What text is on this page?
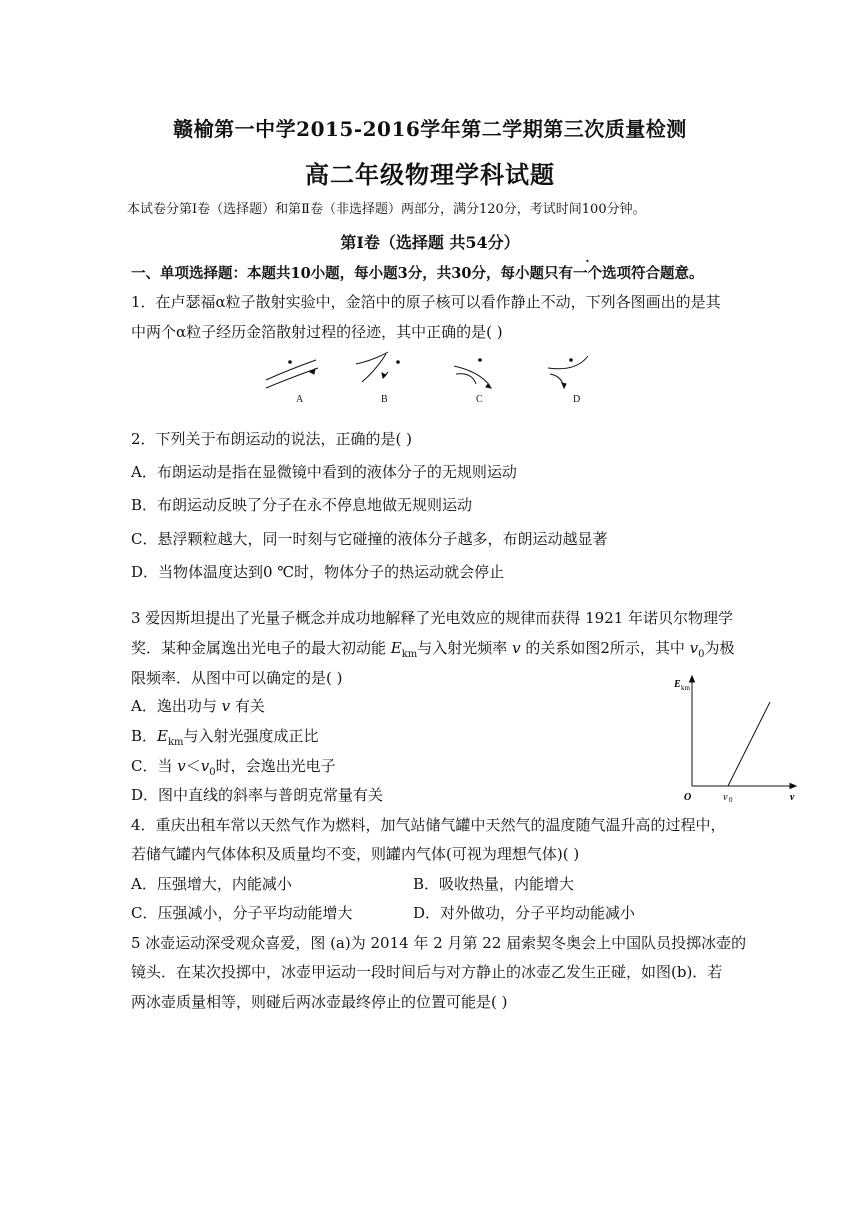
赣榆第一中学2015-2016学年第二学期第三次质量检测
高二年级物理学科试题
本试卷分第Ⅰ卷（选择题）和第Ⅱ卷（非选择题）两部分，满分120分，考试时间100分钟。
第Ⅰ卷（选择题 共54分）
一、单项选择题：本题共10小题，每小题3分，共30分，每小题只有一个选项符合题意。
1．在卢瑟福α粒子散射实验中，金箔中的原子核可以看作静止不动，下列各图画出的是其
中两个α粒子经历金箔散射过程的径迹，其中正确的是( )
A	B	C	D
2．下列关于布朗运动的说法，正确的是( )
A．布朗运动是指在显微镜中看到的液体分子的无规则运动
B．布朗运动反映了分子在永不停息地做无规则运动
C．悬浮颗粒越大，同一时刻与它碰撞的液体分子越多，布朗运动越显著
D．当物体温度达到0 ℃时，物体分子的热运动就会停止
3 爱因斯坦提出了光量子概念并成功地解释了光电效应的规律而获得 1921 年诺贝尔物理学
奖．某种金属逸出光电子的最大初动能 $E_{km}$与入射光频率 v 的关系如图2所示，其中 $v_0$为极
限频率．从图中可以确定的是( )
A．逸出功与 v 有关
B．$E_{km}$与入射光强度成正比
C．当 $v<v_0$时，会逸出光电子
D．图中直线的斜率与普朗克常量有关
E km
O	v 0	v
4．重庆出租车常以天然气作为燃料，加气站储气罐中天然气的温度随气温升高的过程中，
若储气罐内气体体积及质量均不变，则罐内气体(可视为理想气体)( )
A．压强增大，内能减小	B．吸收热量，内能增大
C．压强减小，分子平均动能增大	D．对外做功，分子平均动能减小
5 冰壶运动深受观众喜爱，图 (a)为 2014 年 2 月第 22 届索契冬奥会上中国队员投掷冰壶的
镜头．在某次投掷中，冰壶甲运动一段时间后与对方静止的冰壶乙发生正碰，如图(b)．若
两冰壶质量相等，则碰后两冰壶最终停止的位置可能是( )
